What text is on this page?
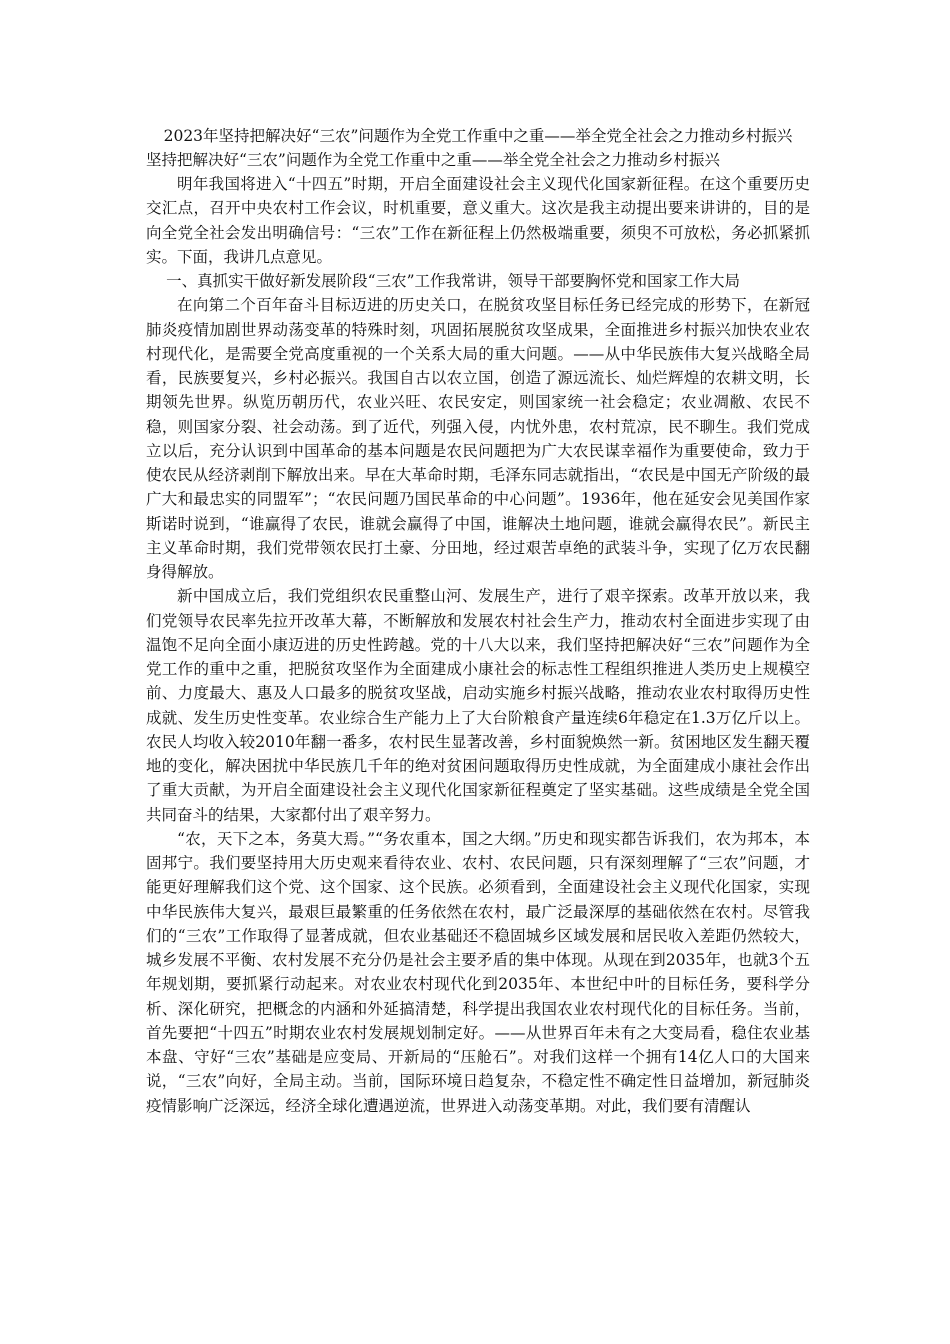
2023年坚持把解决好“三农”问题作为全党工作重中之重——举全党全社会之力推动乡村振兴
坚持把解决好“三农”问题作为全党工作重中之重——举全党全社会之力推动乡村振兴

明年我国将进入“十四五”时期，开启全面建设社会主义现代化国家新征程。在这个重要历史交汇点，召开中央农村工作会议，时机重要，意义重大。这次是我主动提出要来讲讲的，目的是向全党全社会发出明确信号：“三农”工作在新征程上仍然极端重要，须臾不可放松，务必抓紧抓实。下面，我讲几点意见。

一、真抓实干做好新发展阶段“三农”工作我常讲，领导干部要胸怀党和国家工作大局

在向第二个百年奋斗目标迈进的历史关口，在脱贫攻坚目标任务已经完成的形势下，在新冠肺炎疫情加剧世界动荡变革的特殊时刻，巩固拓展脱贫攻坚成果，全面推进乡村振兴加快农业农村现代化，是需要全党高度重视的一个关系大局的重大问题。——从中华民族伟大复兴战略全局看，民族要复兴，乡村必振兴。我国自古以农立国，创造了源远流长、灿烂辉煌的农耕文明，长期领先世界。纵览历朝历代，农业兴旺、农民安定，则国家统一社会稳定；农业凋敝、农民不稳，则国家分裂、社会动荡。到了近代，列强入侵，内忧外患，农村荒凉，民不聊生。我们党成立以后，充分认识到中国革命的基本问题是农民问题把为广大农民谋幸福作为重要使命，致力于使农民从经济剥削下解放出来。早在大革命时期，毛泽东同志就指出，“农民是中国无产阶级的最广大和最忠实的同盟军”；“农民问题乃国民革命的中心问题”。1936年，他在延安会见美国作家斯诺时说到，“谁赢得了农民，谁就会赢得了中国，谁解决土地问题，谁就会赢得农民”。新民主主义革命时期，我们党带领农民打土豪、分田地，经过艰苦卓绝的武装斗争，实现了亿万农民翻身得解放。

新中国成立后，我们党组织农民重整山河、发展生产，进行了艰辛探索。改革开放以来，我们党领导农民率先拉开改革大幕，不断解放和发展农村社会生产力，推动农村全面进步实现了由温饱不足向全面小康迈进的历史性跨越。党的十八大以来，我们坚持把解决好“三农”问题作为全党工作的重中之重，把脱贫攻坚作为全面建成小康社会的标志性工程组织推进人类历史上规模空前、力度最大、惠及人口最多的脱贫攻坚战，启动实施乡村振兴战略，推动农业农村取得历史性成就、发生历史性变革。农业综合生产能力上了大台阶粮食产量连续6年稳定在1.3万亿斤以上。农民人均收入较2010年翻一番多，农村民生显著改善，乡村面貌焕然一新。贫困地区发生翻天覆地的变化，解决困扰中华民族几千年的绝对贫困问题取得历史性成就，为全面建成小康社会作出了重大贡献，为开启全面建设社会主义现代化国家新征程奠定了坚实基础。这些成绩是全党全国共同奋斗的结果，大家都付出了艰辛努力。

“农，天下之本，务莫大焉。”“务农重本，国之大纲。”历史和现实都告诉我们，农为邦本，本固邦宁。我们要坚持用大历史观来看待农业、农村、农民问题，只有深刻理解了“三农”问题，才能更好理解我们这个党、这个国家、这个民族。必须看到，全面建设社会主义现代化国家，实现中华民族伟大复兴，最艰巨最繁重的任务依然在农村，最广泛最深厚的基础依然在农村。尽管我们的“三农”工作取得了显著成就，但农业基础还不稳固城乡区域发展和居民收入差距仍然较大，城乡发展不平衡、农村发展不充分仍是社会主要矛盾的集中体现。从现在到2035年，也就3个五年规划期，要抓紧行动起来。对农业农村现代化到2035年、本世纪中叶的目标任务，要科学分析、深化研究，把概念的内涵和外延搞清楚，科学提出我国农业农村现代化的目标任务。当前，首先要把“十四五”时期农业农村发展规划制定好。——从世界百年未有之大变局看，稳住农业基本盘、守好“三农”基础是应变局、开新局的“压舱石”。对我们这样一个拥有14亿人口的大国来说，“三农”向好，全局主动。当前，国际环境日趋复杂，不稳定性不确定性日益增加，新冠肺炎疫情影响广泛深远，经济全球化遭遇逆流，世界进入动荡变革期。对此，我们要有清醒认
